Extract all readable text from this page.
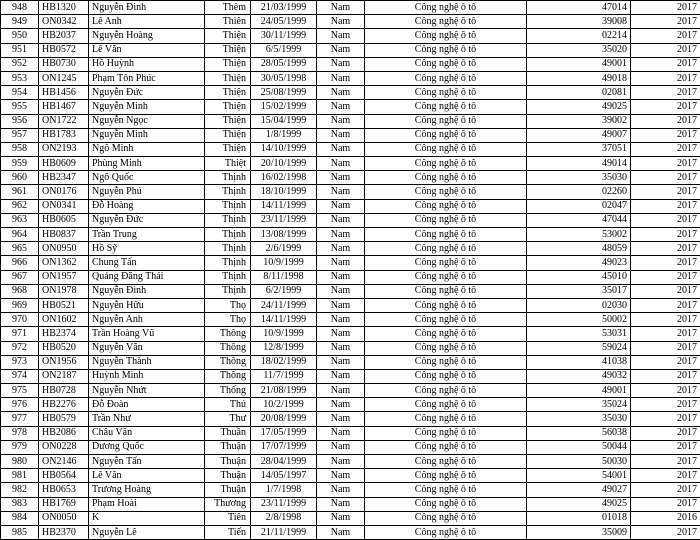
948	HB1320	Nguyễn Đình	Thêm	21/03/1999	Nam	Công nghệ ô tô	47014	2017
949	ON0342	Lê Anh	Thiên	24/05/1999	Nam	Công nghệ ô tô	39008	2017
950	HB2037	Nguyễn Hoàng	Thiện	30/11/1999	Nam	Công nghệ ô tô	02214	2017
951	HB0572	Lê Văn	Thiện	6/5/1999	Nam	Công nghệ ô tô	35020	2017
952	HB0730	Hồ Huỳnh	Thiện	28/05/1999	Nam	Công nghệ ô tô	49001	2017
953	ON1245	Phạm Tôn Phúc	Thiện	30/05/1998	Nam	Công nghệ ô tô	49018	2017
954	HB1456	Nguyễn Đức	Thiện	25/08/1999	Nam	Công nghệ ô tô	02081	2017
955	HB1467	Nguyễn Minh	Thiện	15/02/1999	Nam	Công nghệ ô tô	49025	2017
956	ON1722	Nguyễn Ngọc	Thiện	15/04/1999	Nam	Công nghệ ô tô	39002	2017
957	HB1783	Nguyễn Minh	Thiện	1/8/1999	Nam	Công nghệ ô tô	49007	2017
958	ON2193	Ngô Minh	Thiện	14/10/1999	Nam	Công nghệ ô tô	37051	2017
959	HB0609	Phùng Minh	Thiệt	20/10/1999	Nam	Công nghệ ô tô	49014	2017
960	HB2347	Ngô Quốc	Thịnh	16/02/1998	Nam	Công nghệ ô tô	35030	2017
961	ON0176	Nguyễn Phú	Thịnh	18/10/1999	Nam	Công nghệ ô tô	02260	2017
962	ON0341	Đỗ Hoàng	Thịnh	14/11/1999	Nam	Công nghệ ô tô	02047	2017
963	HB0605	Nguyễn Đức	Thịnh	23/11/1999	Nam	Công nghệ ô tô	47044	2017
964	HB0837	Trần Trung	Thịnh	13/08/1999	Nam	Công nghệ ô tô	53002	2017
965	ON0950	Hồ Sỹ	Thịnh	2/6/1999	Nam	Công nghệ ô tô	48059	2017
966	ON1362	Chung Tấn	Thịnh	10/9/1999	Nam	Công nghệ ô tô	49023	2017
967	ON1957	Quảng Đăng Thái	Thịnh	8/11/1998	Nam	Công nghệ ô tô	45010	2017
968	ON1978	Nguyễn Đình	Thịnh	6/2/1999	Nam	Công nghệ ô tô	35017	2017
969	HB0521	Nguyễn Hữu	Thọ	24/11/1999	Nam	Công nghệ ô tô	02030	2017
970	ON1602	Nguyễn Anh	Thọ	14/11/1999	Nam	Công nghệ ô tô	50002	2017
971	HB2374	Trần Hoàng Vũ	Thông	10/9/1999	Nam	Công nghệ ô tô	53031	2017
972	HB0520	Nguyễn Văn	Thông	12/8/1999	Nam	Công nghệ ô tô	59024	2017
973	ON1956	Nguyễn Thành	Thông	18/02/1999	Nam	Công nghệ ô tô	41038	2017
974	ON2187	Huỳnh Minh	Thông	11/7/1999	Nam	Công nghệ ô tô	49032	2017
975	HB0728	Nguyễn Nhứt	Thống	21/08/1999	Nam	Công nghệ ô tô	49001	2017
976	HB2276	Đỗ Đoàn	Thủ	10/2/1999	Nam	Công nghệ ô tô	35024	2017
977	HB0579	Trần Như	Thư	20/08/1999	Nam	Công nghệ ô tô	35030	2017
978	HB2086	Châu Văn	Thuần	17/05/1999	Nam	Công nghệ ô tô	56038	2017
979	ON0228	Dương Quốc	Thuận	17/07/1999	Nam	Công nghệ ô tô	50044	2017
980	ON2146	Nguyễn Tấn	Thuận	28/04/1999	Nam	Công nghệ ô tô	50030	2017
981	HB0564	Lê Văn	Thuận	14/05/1997	Nam	Công nghệ ô tô	54001	2017
982	HB0653	Trương Hoàng	Thuận	1/7/1998	Nam	Công nghệ ô tô	49027	2017
983	HB1769	Phạm Hoài	Thương	23/11/1999	Nam	Công nghệ ô tô	49025	2017
984	ON0050	K	Tiên	2/8/1998	Nam	Công nghệ ô tô	01018	2016
985	HB2370	Nguyễn Lê	Tiến	21/11/1999	Nam	Công nghệ ô tô	35009	2017
